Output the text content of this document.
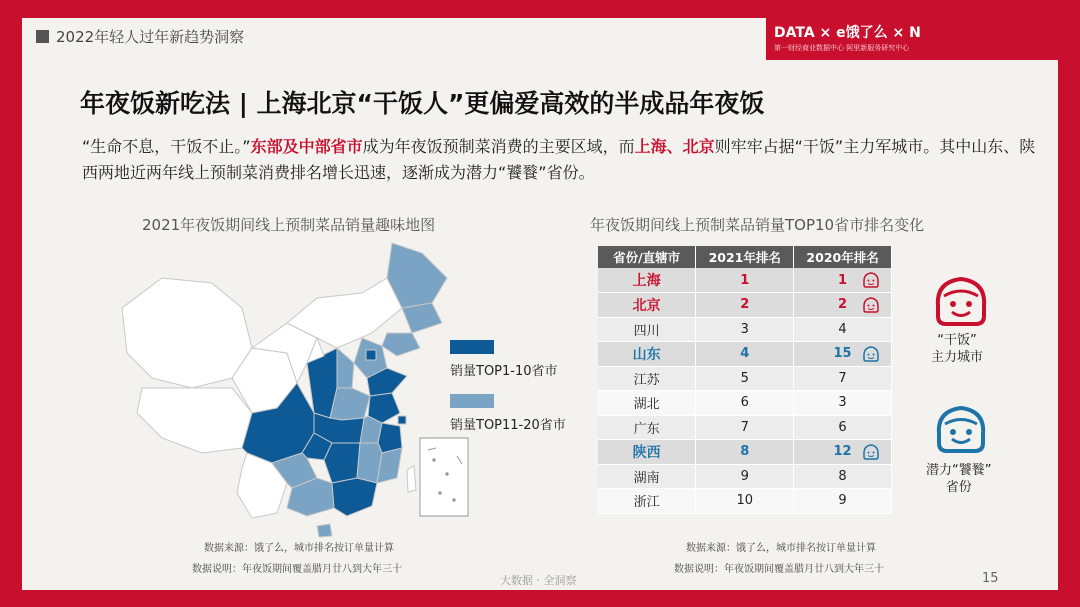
2022年轻人过年新趋势洞察	DATA × e饿了么 × N
第一财经商业数据中心 阿里新服务研究中心
年夜饭新吃法 | 上海北京“干饭人”更偏爱高效的半成品年夜饭
“生命不息，干饭不止。”东部及中部省市成为年夜饭预制菜消费的主要区域，而上海、北京则牢牢占据“干饭”主力军城市。其中山东、陕西两地近两年线上预制菜消费排名增长迅速，逐渐成为潜力“饕餮”省份。
2021年夜饭期间线上预制菜品销量趣味地图	年夜饭期间线上预制菜品销量TOP10省市排名变化
销量TOP1-10省市
销量TOP11-20省市
数据来源：饿了么，城市排名按订单量计算
数据说明：年夜饭期间覆盖腊月廿八到大年三十
省份/直辖市	2021年排名	2020年排名
上海	1	1

北京	2	2

四川	3	4
山东	4	15

江苏	5	7
湖北	6	3
广东	7	6
陕西	8	12

湖南	9	8
浙江	10	9
“干饭”
主力城市
潜力“饕餮”
省份
数据来源：饿了么，城市排名按订单量计算
数据说明：年夜饭期间覆盖腊月廿八到大年三十
大数据 · 全洞察	15
